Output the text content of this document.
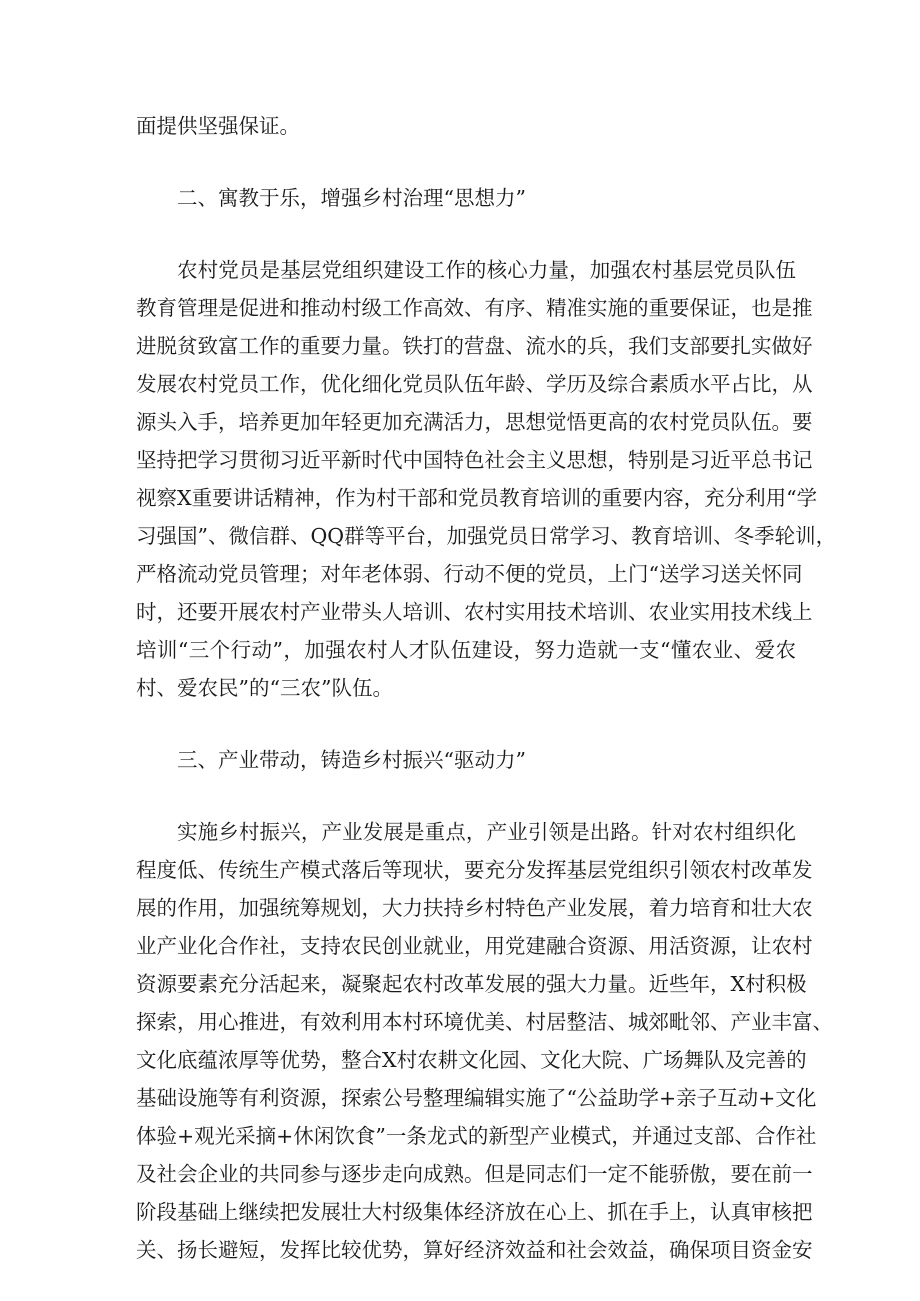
面提供坚强保证。
二、寓教于乐，增强乡村治理“思想力”
农村党员是基层党组织建设工作的核心力量，加强农村基层党员队伍
教育管理是促进和推动村级工作高效、有序、精准实施的重要保证，也是推
进脱贫致富工作的重要力量。铁打的营盘、流水的兵，我们支部要扎实做好
发展农村党员工作，优化细化党员队伍年龄、学历及综合素质水平占比，从
源头入手，培养更加年轻更加充满活力，思想觉悟更高的农村党员队伍。要
坚持把学习贯彻习近平新时代中国特色社会主义思想，特别是习近平总书记
视察X重要讲话精神，作为村干部和党员教育培训的重要内容，充分利用“学
习强国”、微信群、QQ群等平台，加强党员日常学习、教育培训、冬季轮训，
严格流动党员管理；对年老体弱、行动不便的党员，上门“送学习送关怀同
时，还要开展农村产业带头人培训、农村实用技术培训、农业实用技术线上
培训“三个行动”，加强农村人才队伍建设，努力造就一支“懂农业、爱农
村、爱农民”的“三农”队伍。
三、产业带动，铸造乡村振兴“驱动力”
实施乡村振兴，产业发展是重点，产业引领是出路。针对农村组织化
程度低、传统生产模式落后等现状，要充分发挥基层党组织引领农村改革发
展的作用，加强统筹规划，大力扶持乡村特色产业发展，着力培育和壮大农
业产业化合作社，支持农民创业就业，用党建融合资源、用活资源，让农村
资源要素充分活起来，凝聚起农村改革发展的强大力量。近些年，X村积极
探索，用心推进，有效利用本村环境优美、村居整洁、城郊毗邻、产业丰富、
文化底蕴浓厚等优势，整合X村农耕文化园、文化大院、广场舞队及完善的
基础设施等有利资源，探索公号整理编辑实施了“公益助学+亲子互动+文化
体验+观光采摘+休闲饮食”一条龙式的新型产业模式，并通过支部、合作社
及社会企业的共同参与逐步走向成熟。但是同志们一定不能骄傲，要在前一
阶段基础上继续把发展壮大村级集体经济放在心上、抓在手上，认真审核把
关、扬长避短，发挥比较优势，算好经济效益和社会效益，确保项目资金安
